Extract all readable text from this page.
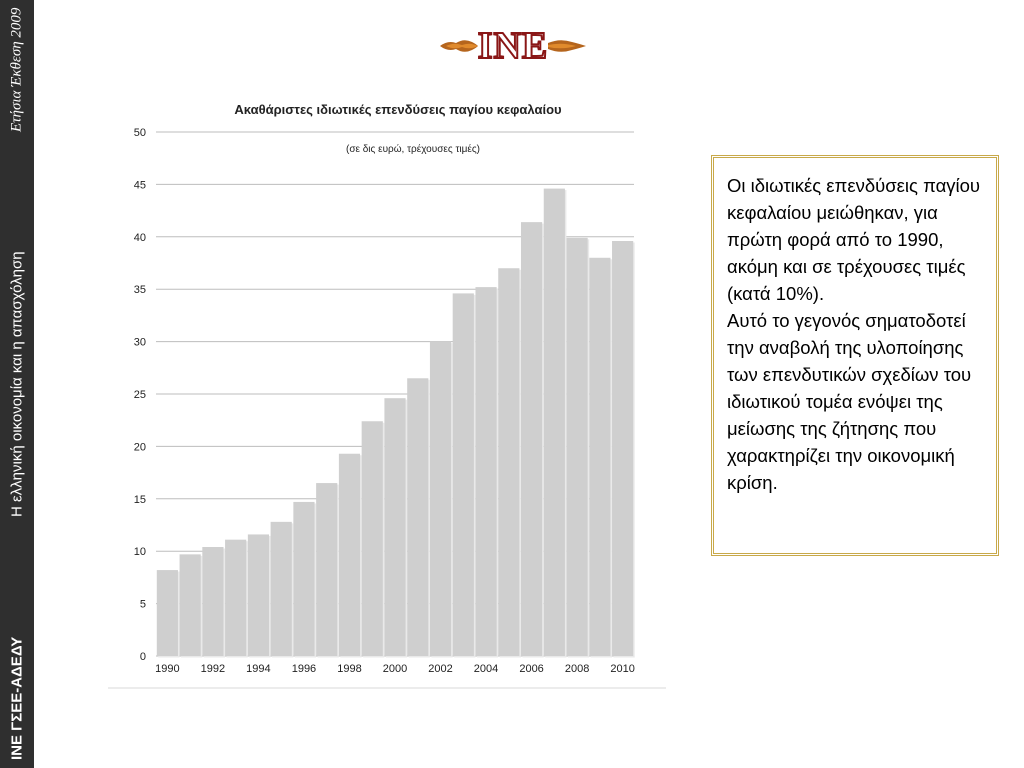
ΙΝΕ ΓΣΕΕ-ΑΔΕΔΥ
Η ελληνική οικονομία και η απασχόληση
Ετήσια Έκθεση 2009	INE
Ακαθάριστες ιδιωτικές επενδύσεις παγίου κεφαλαίου
(σε δις ευρώ, τρέχουσες τιμές)
0
5
10
15
20
25
30
35
40
45
50
1990 1992 1994 1996 1998 2000 2002 2004 2006 2008 2010

Οι ιδιωτικές επενδύσεις παγίου κεφαλαίου μειώθηκαν, για πρώτη φορά από το 1990, ακόμη και σε τρέχουσες τιμές (κατά 10%).

Αυτό το γεγονός σηματοδοτεί την αναβολή της υλοποίησης των επενδυτικών σχεδίων του ιδιωτικού τομέα ενόψει της μείωσης της ζήτησης που χαρακτηρίζει την οικονομική κρίση.
